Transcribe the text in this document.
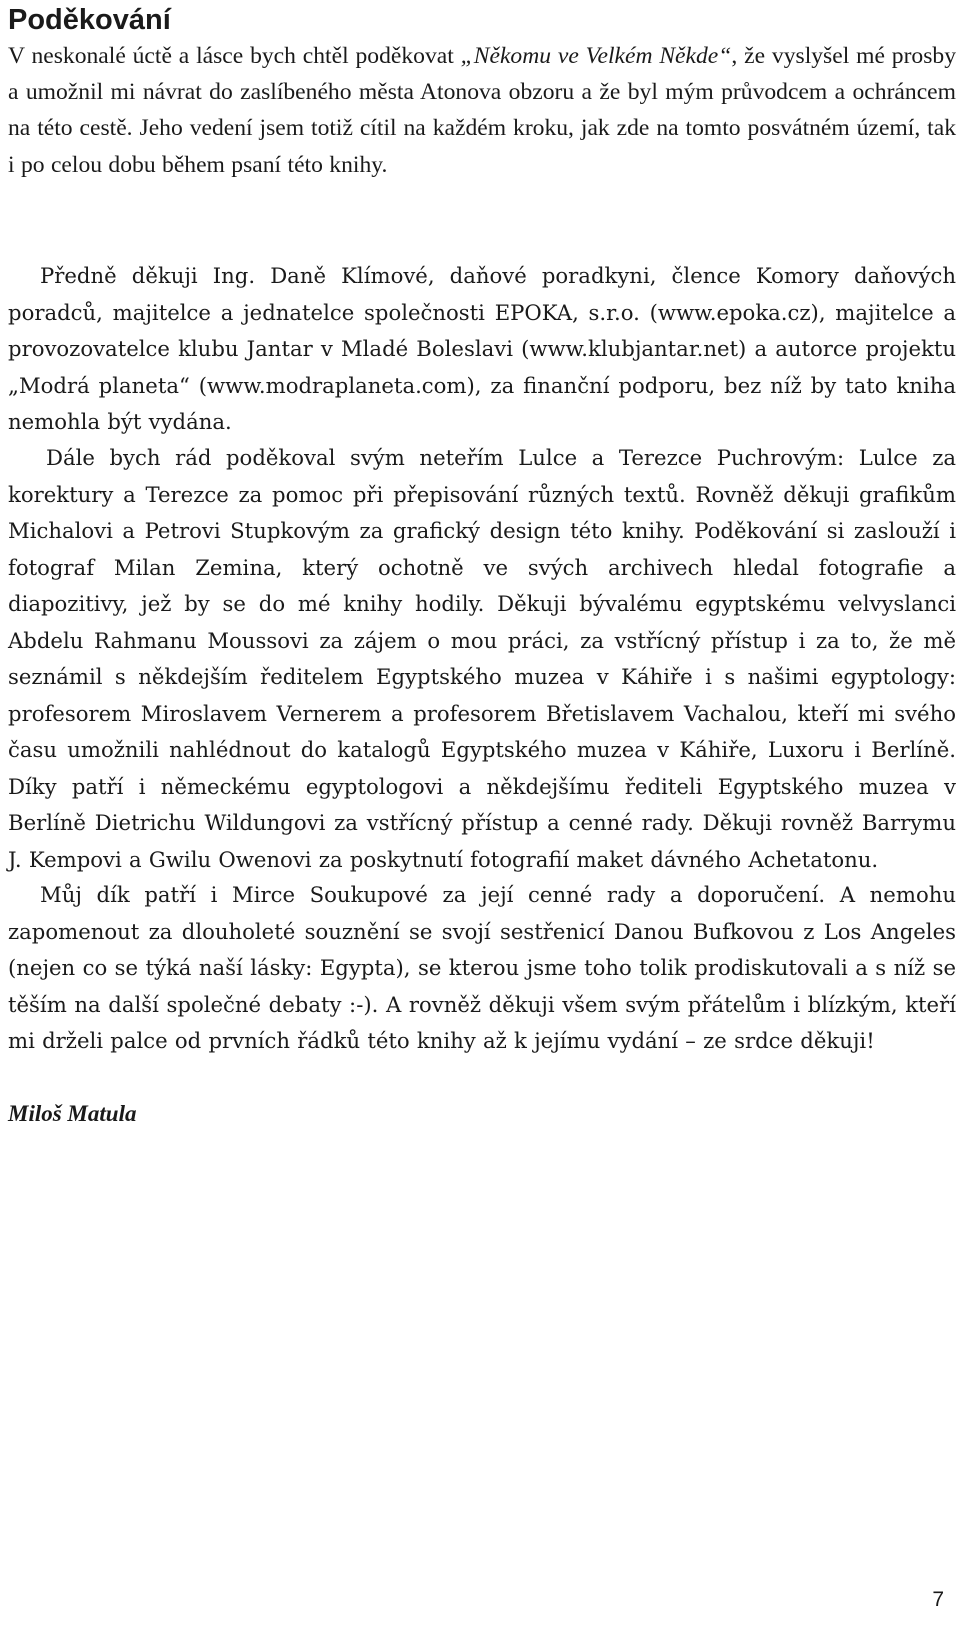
Poděkování

V neskonalé úctě a lásce bych chtěl poděkovat „Někomu ve Velkém Někde“, že vyslyšel mé prosby a umožnil mi návrat do zaslíbeného města Atonova obzoru a že byl mým průvodcem a ochráncem na této cestě. Jeho vedení jsem totiž cítil na každém kroku, jak zde na tomto posvátném území, tak i po celou dobu během psaní této knihy.

Předně děkuji Ing. Daně Klímové, daňové poradkyni, člence Komory daňových poradců, majitelce a jednatelce společnosti EPOKA, s.r.o. (www.epoka.cz), majitelce a provozovatelce klubu Jantar v Mladé Boleslavi (www.klubjantar.net) a autorce projektu „Modrá planeta“ (www.modraplaneta.com), za finanční podporu, bez níž by tato kniha nemohla být vydána.

Dále bych rád poděkoval svým neteřím Lulce a Terezce Puchrovým: Lulce za korektury a Terezce za pomoc při přepisování různých textů. Rovněž děkuji grafikům Michalovi a Petrovi Stupkovým za grafický design této knihy. Poděkování si zaslouží i fotograf Milan Zemina, který ochotně ve svých archivech hledal fotografie a diapozitivy, jež by se do mé knihy hodily. Děkuji bývalému egyptskému velvyslanci Abdelu Rahmanu Moussovi za zájem o mou práci, za vstřícný přístup i za to, že mě seznámil s někdejším ředitelem Egyptského muzea v Káhiře i s našimi egyptology: profesorem Miroslavem Vernerem a profesorem Břetislavem Vachalou, kteří mi svého času umožnili nahlédnout do katalogů Egyptského muzea v Káhiře, Luxoru i Berlíně. Díky patří i německému egyptologovi a někdejšímu řediteli Egyptského muzea v Berlíně Dietrichu Wildungovi za vstřícný přístup a cenné rady. Děkuji rovněž Barrymu J. Kempovi a Gwilu Owenovi za poskytnutí fotografií maket dávného Achetatonu.

Můj dík patří i Mirce Soukupové za její cenné rady a doporučení. A nemohu zapomenout za dlouholeté souznění se svojí sestřenicí Danou Bufkovou z Los Angeles (nejen co se týká naší lásky: Egypta), se kterou jsme toho tolik prodiskutovali a s níž se těším na další společné debaty :-). A rovněž děkuji všem svým přátelům i blízkým, kteří mi drželi palce od prvních řádků této knihy až k jejímu vydání – ze srdce děkuji!

Miloš Matula

7
